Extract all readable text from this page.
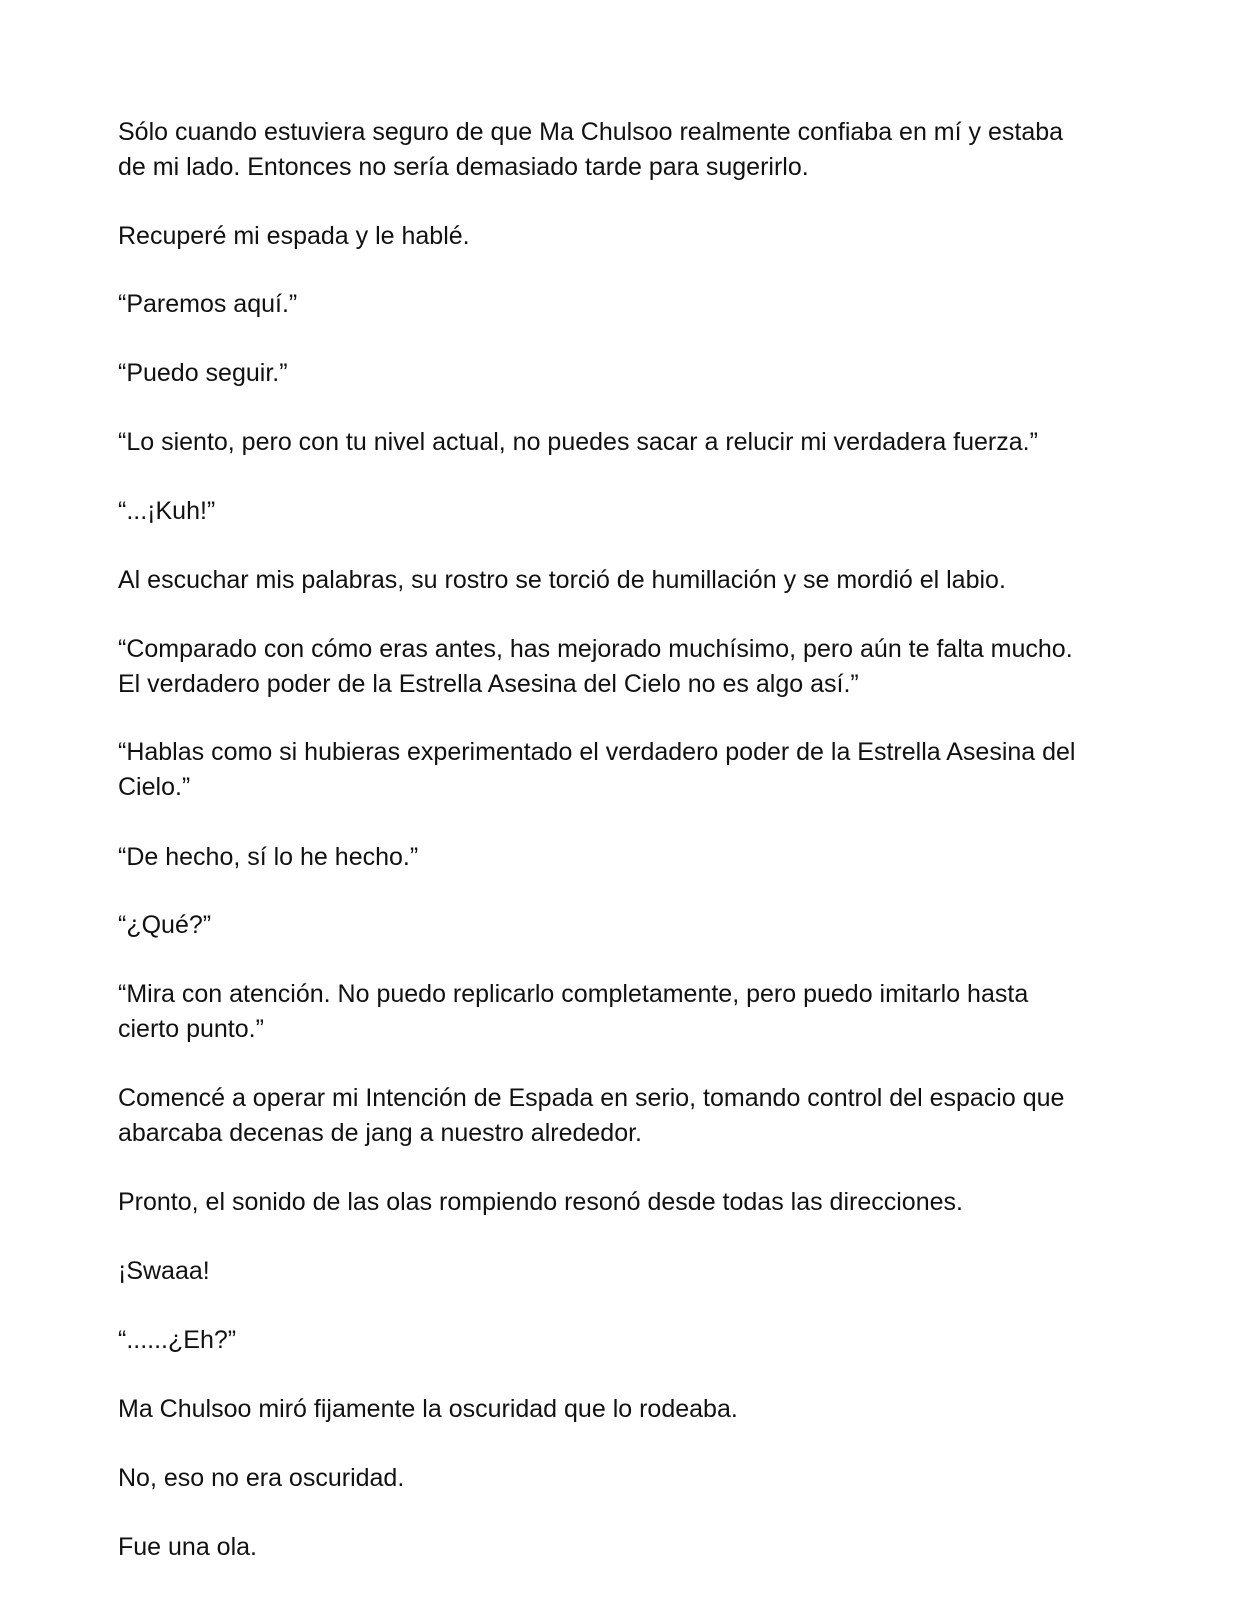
Sólo cuando estuviera seguro de que Ma Chulsoo realmente confiaba en mí y estaba
de mi lado. Entonces no sería demasiado tarde para sugerirlo.

Recuperé mi espada y le hablé.

“Paremos aquí.”

“Puedo seguir.”

“Lo siento, pero con tu nivel actual, no puedes sacar a relucir mi verdadera fuerza.”

“...¡Kuh!”

Al escuchar mis palabras, su rostro se torció de humillación y se mordió el labio.

“Comparado con cómo eras antes, has mejorado muchísimo, pero aún te falta mucho.
El verdadero poder de la Estrella Asesina del Cielo no es algo así.”

“Hablas como si hubieras experimentado el verdadero poder de la Estrella Asesina del
Cielo.”

“De hecho, sí lo he hecho.”

“¿Qué?”

“Mira con atención. No puedo replicarlo completamente, pero puedo imitarlo hasta
cierto punto.”

Comencé a operar mi Intención de Espada en serio, tomando control del espacio que
abarcaba decenas de jang a nuestro alrededor.

Pronto, el sonido de las olas rompiendo resonó desde todas las direcciones.

¡Swaaa!

“......¿Eh?”

Ma Chulsoo miró fijamente la oscuridad que lo rodeaba.

No, eso no era oscuridad.

Fue una ola.
